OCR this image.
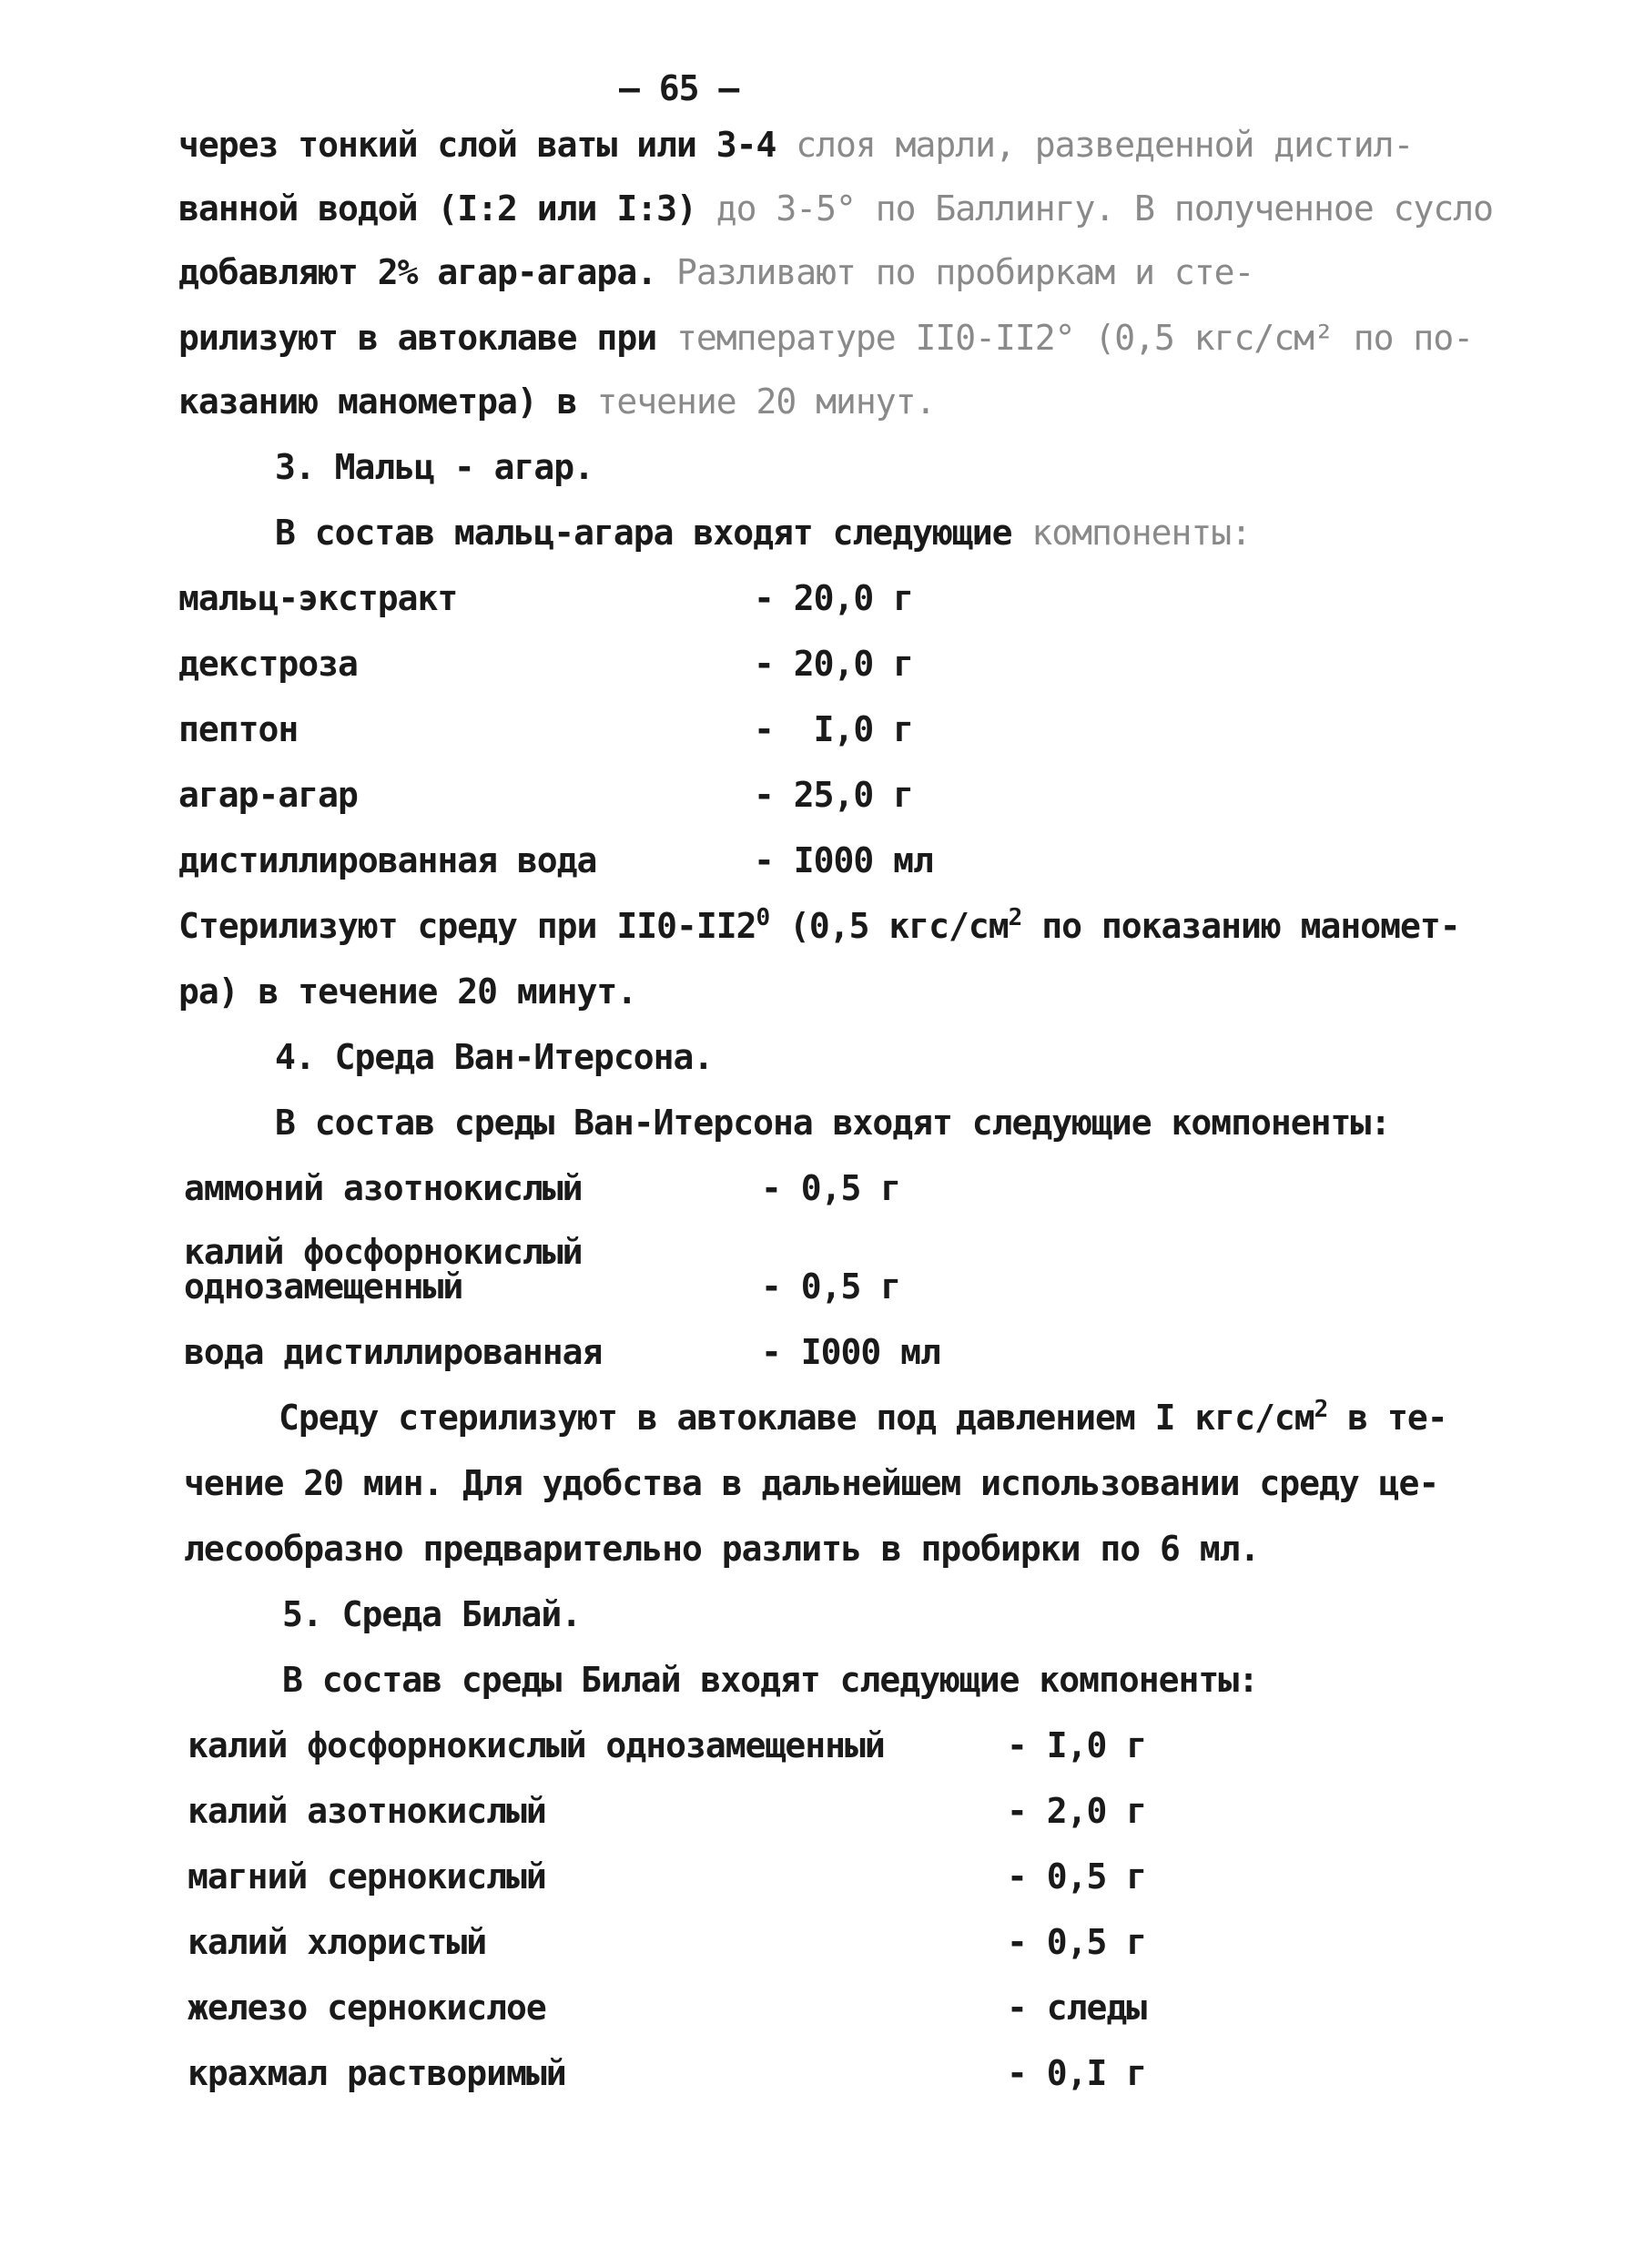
— 65 —
через тонкий слой ваты или 3-4 слоя марли, разведенной дистил-
ванной водой (I:2 или I:3) до 3-5° по Баллингу. В полученное сусло
добавляют 2% агар-агара. Разливают по пробиркам и сте-
рилизуют в автоклаве при температуре II0-II2° (0,5 кгс/см² по по-
казанию манометра) в течение 20 минут.
3. Мальц - агар.
В состав мальц-агара входят следующие компоненты:
мальц-экстракт	- 20,0 г
декстроза	- 20,0 г
пептон	-  I,0 г
агар-агар	- 25,0 г
дистиллированная вода	- I000 мл
Стерилизуют среду при $II0-II2^0$ (0,5 кгс/$см^2$ по показанию маномет-
ра) в течение 20 минут.
4. Среда Ван-Итерсона.
В состав среды Ван-Итерсона входят следующие компоненты:
аммоний азотнокислый	- 0,5 г
калий фосфорнокислый
однозамещенный	- 0,5 г
вода дистиллированная	- I000 мл
Среду стерилизуют в автоклаве под давлением I кгс/$см^2$ в те-
чение 20 мин. Для удобства в дальнейшем использовании среду це-
лесообразно предварительно разлить в пробирки по 6 мл.
5. Среда Билай.
В состав среды Билай входят следующие компоненты:
калий фосфорнокислый однозамещенный	- I,0 г
калий азотнокислый	- 2,0 г
магний сернокислый	- 0,5 г
калий хлористый	- 0,5 г
железо сернокислое	- следы
крахмал растворимый	- 0,I г
